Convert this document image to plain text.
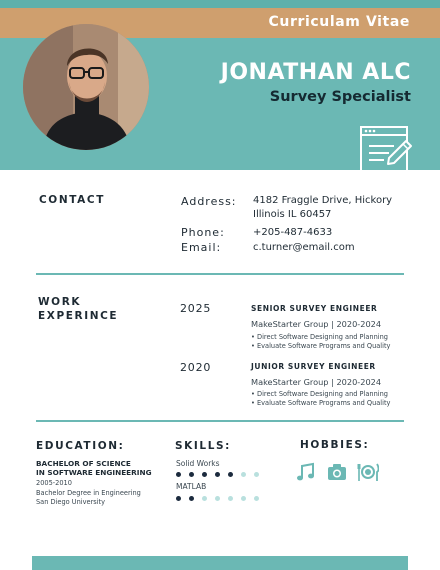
Curriculam Vitae
JONATHAN ALC
Survey Specialist
CONTACT	Address: 4182 Fraggle Drive, Hickory
Illinois IL 60457
Phone:	+205-487-4633
Email:	c.turner@email.com
WORK
EXPERINCE
2025	SENIOR SURVEY ENGINEER
MakeStarter Group | 2020-2024
• Direct Software Designing and Planning
• Evaluate Software Programs and Quality
2020	JUNIOR SURVEY ENGINEER
MakeStarter Group | 2020-2024
• Direct Software Designing and Planning
• Evaluate Software Programs and Quality
EDUCATION:
BACHELOR OF SCIENCE
IN SOFTWARE ENGINEERING
2005-2010
Bachelor Degree in Engineering
San Diego University
SKILLS:
Solid Works
MATLAB
HOBBIES:
